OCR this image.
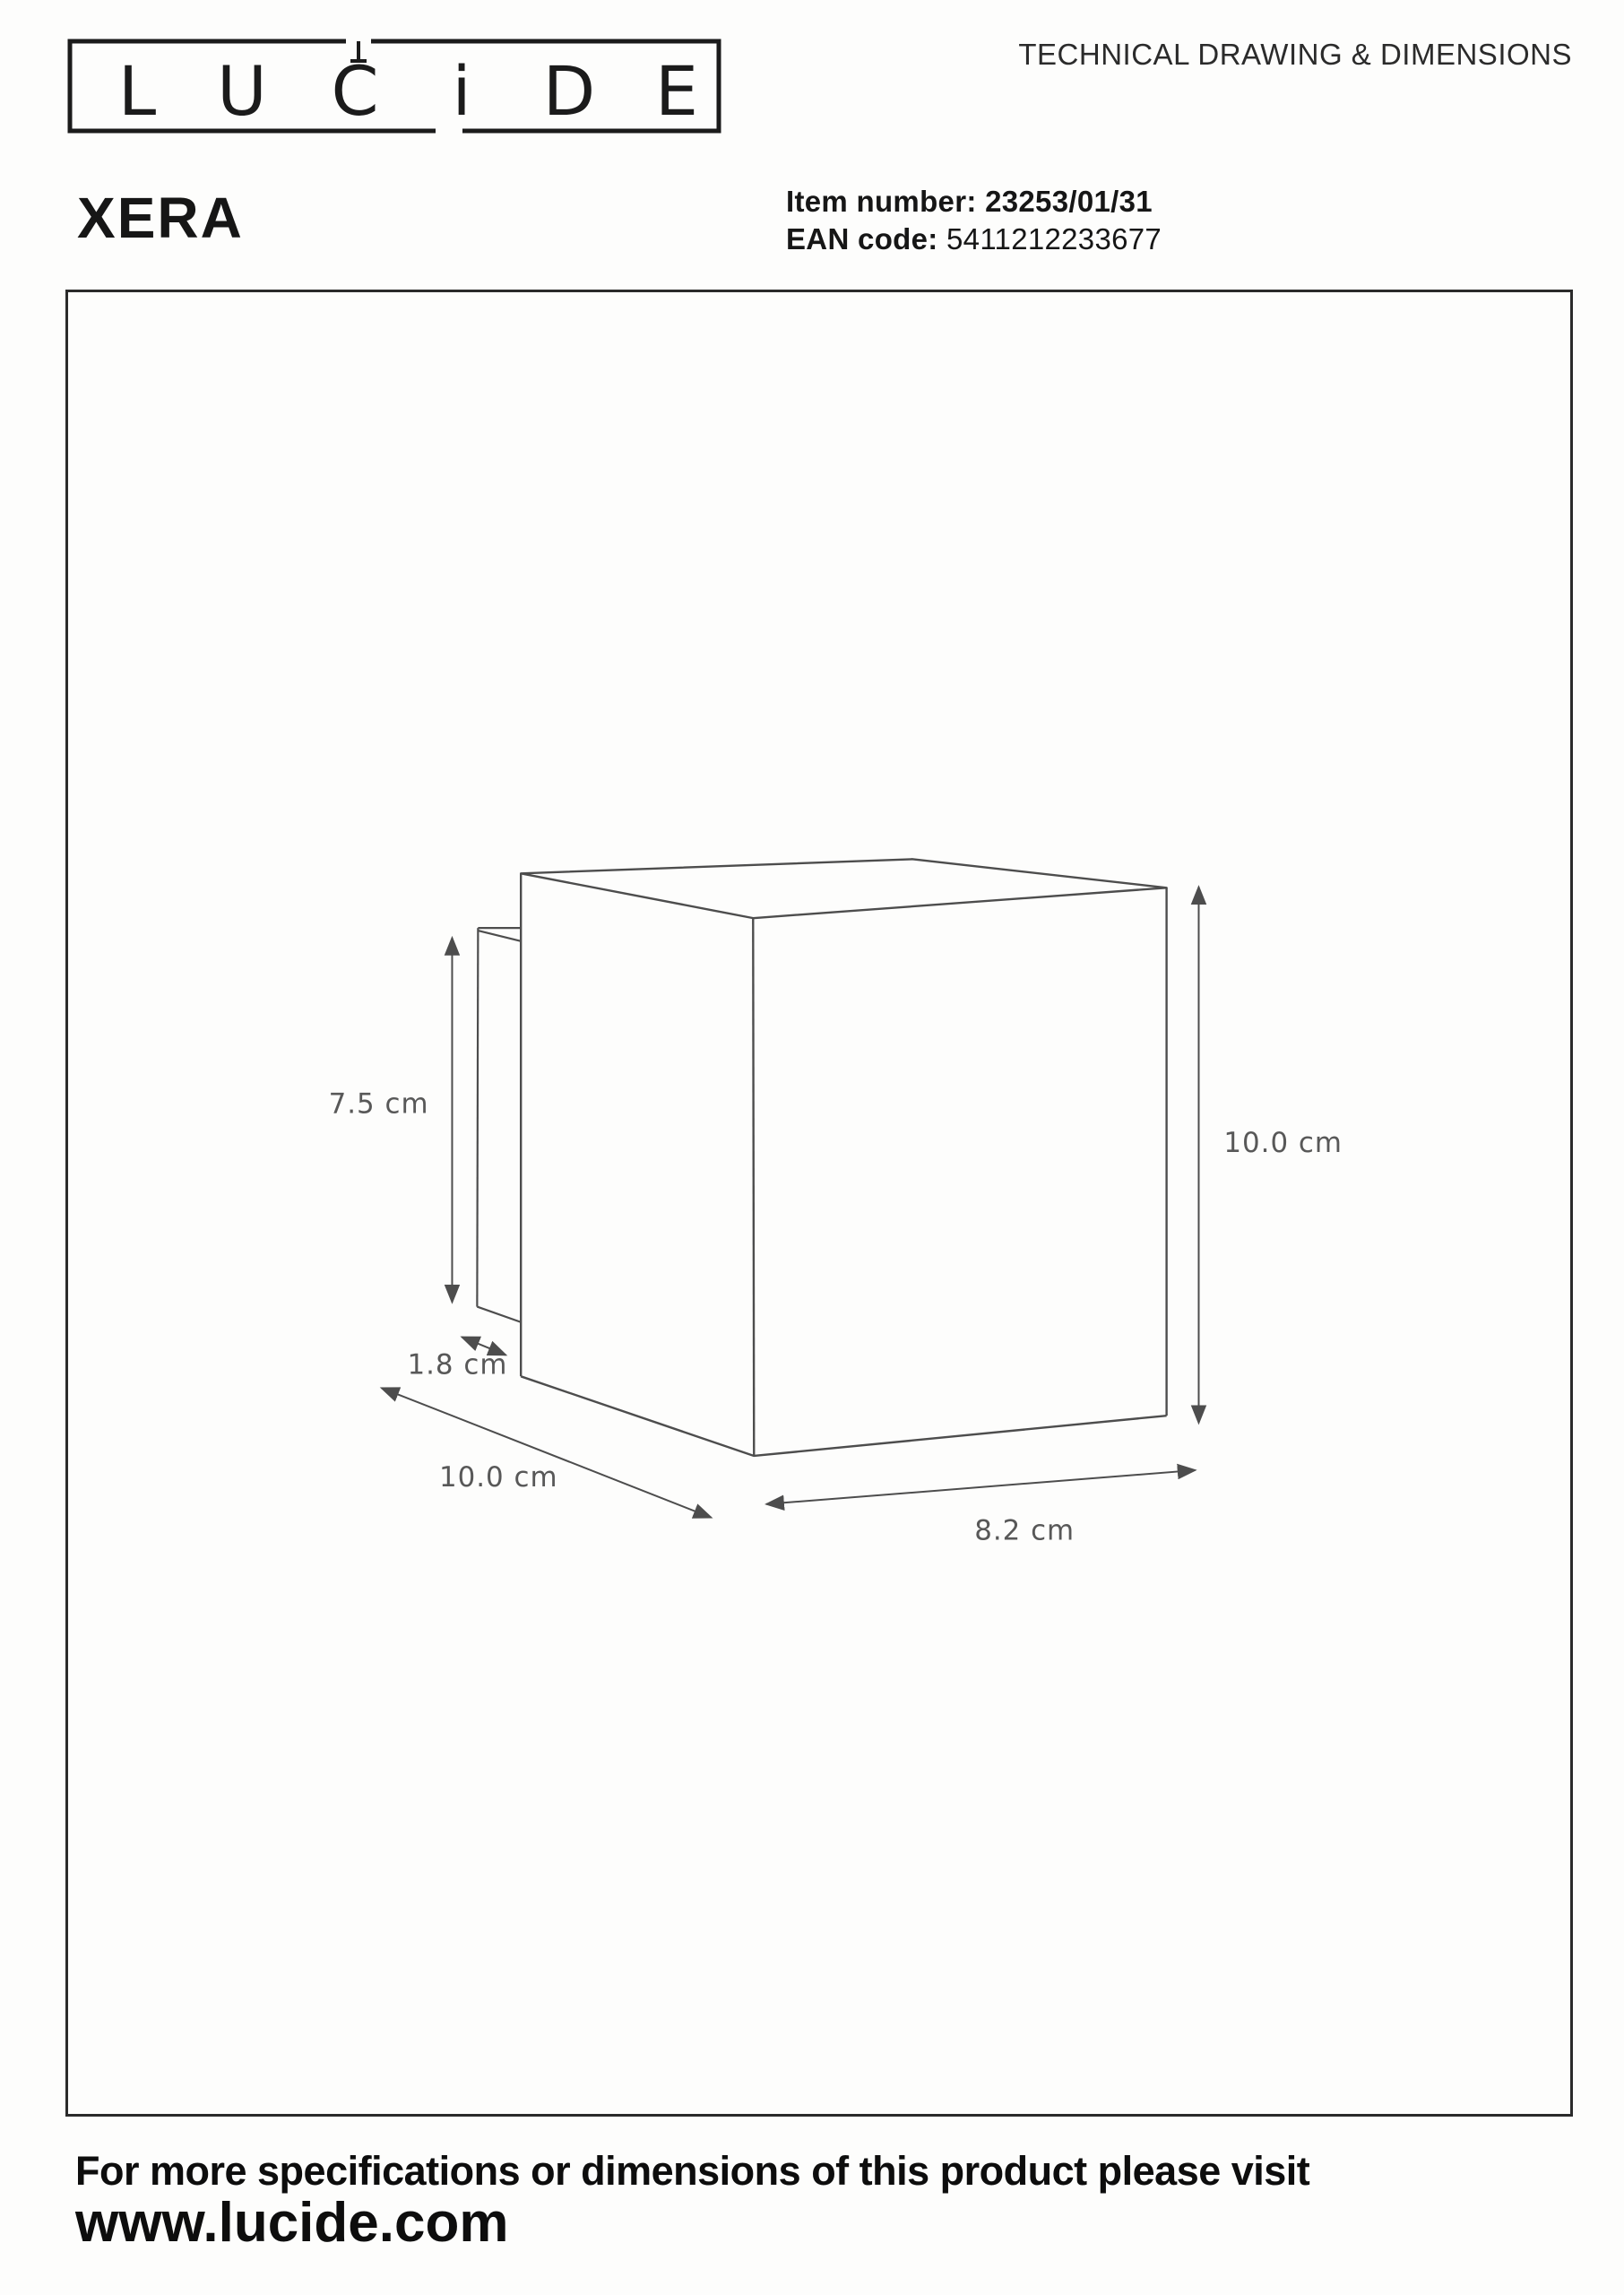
L U C i D E	TECHNICAL DRAWING & DIMENSIONS
XERA	Item number: 23253/01/31
EAN code: 5411212233677
7.5 cm
1.8 cm
10.0 cm
10.0 cm
8.2 cm
For more specifications or dimensions of this product please visit
www.lucide.com
